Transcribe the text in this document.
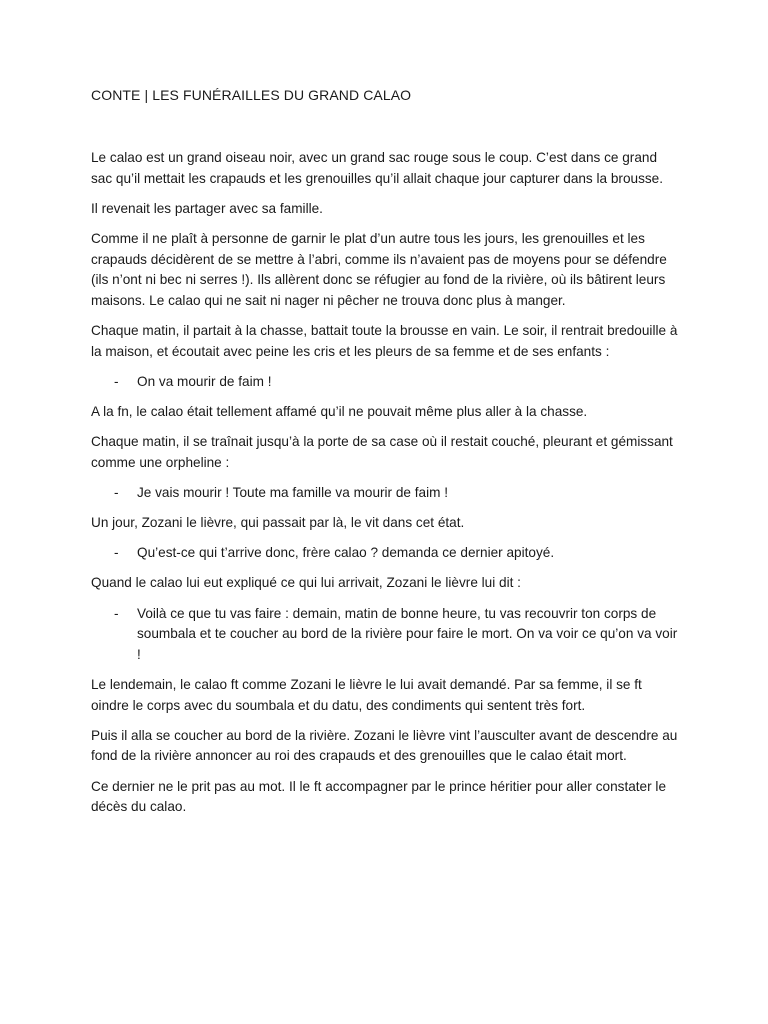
CONTE | LES FUNÉRAILLES DU GRAND CALAO

Le calao est un grand oiseau noir, avec un grand sac rouge sous le coup. C’est dans ce grand sac qu’il mettait les crapauds et les grenouilles qu’il allait chaque jour capturer dans la brousse.

Il revenait les partager avec sa famille.

Comme il ne plaît à personne de garnir le plat d’un autre tous les jours, les grenouilles et les crapauds décidèrent de se mettre à l’abri, comme ils n’avaient pas de moyens pour se défendre (ils n’ont ni bec ni serres !). Ils allèrent donc se réfugier au fond de la rivière, où ils bâtirent leurs maisons. Le calao qui ne sait ni nager ni pêcher ne trouva donc plus à manger.

Chaque matin, il partait à la chasse, battait toute la brousse en vain. Le soir, il rentrait bredouille à la maison, et écoutait avec peine les cris et les pleurs de sa femme et de ses enfants :

-	On va mourir de faim !

A la fn, le calao était tellement affamé qu’il ne pouvait même plus aller à la chasse.

Chaque matin, il se traînait jusqu’à la porte de sa case où il restait couché, pleurant et gémissant comme une orpheline :

-	Je vais mourir ! Toute ma famille va mourir de faim !

Un jour, Zozani le lièvre, qui passait par là, le vit dans cet état.

-	Qu’est-ce qui t’arrive donc, frère calao ? demanda ce dernier apitoyé.

Quand le calao lui eut expliqué ce qui lui arrivait, Zozani le lièvre lui dit :

-	Voilà ce que tu vas faire : demain, matin de bonne heure, tu vas recouvrir ton corps de soumbala et te coucher au bord de la rivière pour faire le mort. On va voir ce qu’on va voir !

Le lendemain, le calao ft comme Zozani le lièvre le lui avait demandé. Par sa femme, il se ft oindre le corps avec du soumbala et du datu, des condiments qui sentent très fort.

Puis il alla se coucher au bord de la rivière. Zozani le lièvre vint l’ausculter avant de descendre au fond de la rivière annoncer au roi des crapauds et des grenouilles que le calao était mort.

Ce dernier ne le prit pas au mot. Il le ft accompagner par le prince héritier pour aller constater le décès du calao.
